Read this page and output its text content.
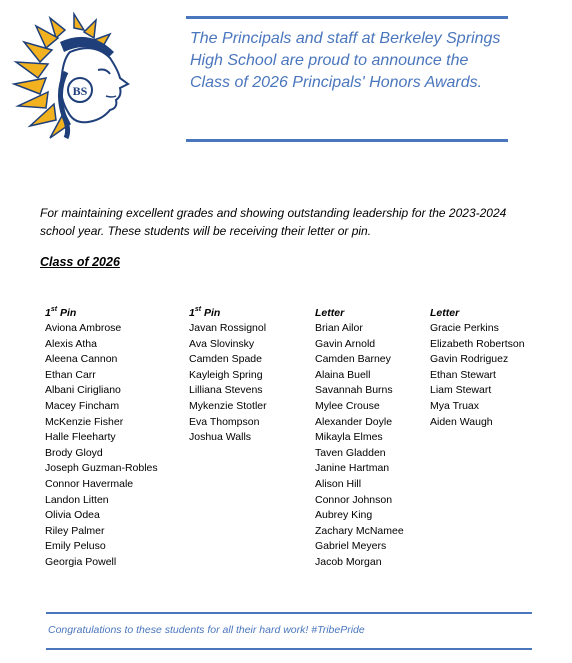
BS
The Principals and staff at Berkeley Springs High School are proud to announce the Class of 2026 Principals' Honors Awards.
For maintaining excellent grades and showing outstanding leadership for the 2023-2024 school year. These students will be receiving their letter or pin.
Class of 2026
1st Pin
Aviona Ambrose
Alexis Atha
Aleena Cannon
Ethan Carr
Albani Cirigliano
Macey Fincham
McKenzie Fisher
Halle Fleeharty
Brody Gloyd
Joseph Guzman-Robles
Connor Havermale
Landon Litten
Olivia Odea
Riley Palmer
Emily Peluso
Georgia Powell
1st Pin
Javan Rossignol
Ava Slovinsky
Camden Spade
Kayleigh Spring
Lilliana Stevens
Mykenzie Stotler
Eva Thompson
Joshua Walls
Letter
Brian Ailor
Gavin Arnold
Camden Barney
Alaina Buell
Savannah Burns
Mylee Crouse
Alexander Doyle
Mikayla Elmes
Taven Gladden
Janine Hartman
Alison Hill
Connor Johnson
Aubrey King
Zachary McNamee
Gabriel Meyers
Jacob Morgan
Letter
Gracie Perkins
Elizabeth Robertson
Gavin Rodriguez
Ethan Stewart
Liam Stewart
Mya Truax
Aiden Waugh
Congratulations to these students for all their hard work! #TribePride
